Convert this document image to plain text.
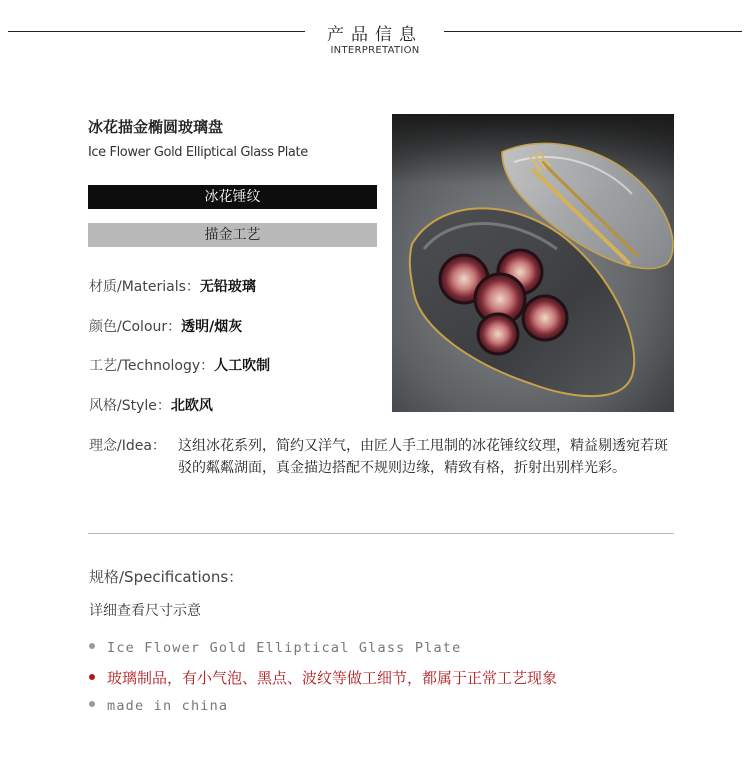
产品信息
INTERPRETATION
冰花描金椭圆玻璃盘
Ice Flower Gold Elliptical Glass Plate
冰花锤纹
描金工艺
材质/Materials：无铅玻璃
颜色/Colour：透明/烟灰
工艺/Technology：人工吹制
风格/Style：北欧风
理念/Idea： 这组冰花系列，简约又洋气，由匠人手工甩制的冰花锤纹纹理，精益剔透宛若斑驳的粼粼湖面，真金描边搭配不规则边缘，精致有格，折射出别样光彩。
规格/Specifications：
详细查看尺寸示意
Ice Flower Gold Elliptical Glass Plate
玻璃制品，有小气泡、黑点、波纹等做工细节，都属于正常工艺现象
made in china
